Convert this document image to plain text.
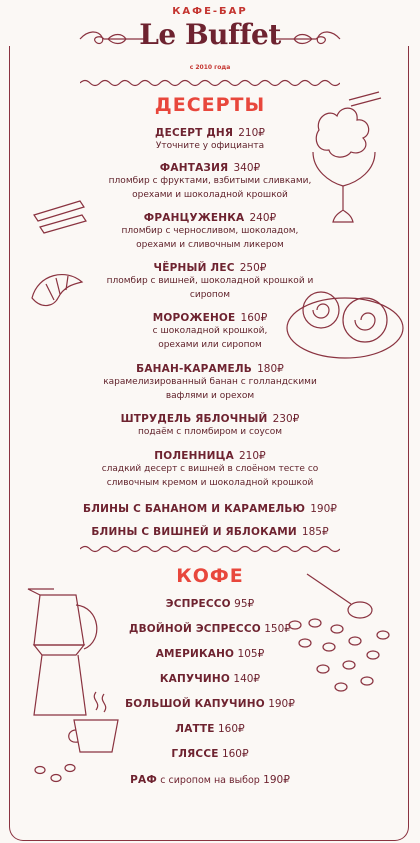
КАФЕ-БАР
Le Buffet
с 2010 года
ДЕСЕРТЫ
ДЕСЕРТ ДНЯ 210₽
Уточните у официанта
ФАНТАЗИЯ 340₽
пломбир с фруктами, взбитыми сливками, орехами и шоколадной крошкой
ФРАНЦУЖЕНКА 240₽
пломбир с черносливом, шоколадом, орехами и сливочным ликером
ЧЁРНЫЙ ЛЕС 250₽
пломбир с вишней, шоколадной крошкой и сиропом
МОРОЖЕНОЕ 160₽
с шоколадной крошкой, орехами или сиропом
БАНАН-КАРАМЕЛЬ 180₽
карамелизированный банан с голландскими вафлями и орехом
ШТРУДЕЛЬ ЯБЛОЧНЫЙ 230₽
подаём с пломбиром и соусом
ПОЛЕННИЦА 210₽
сладкий десерт с вишней в слоёном тесте со сливочным кремом и шоколадной крошкой
БЛИНЫ С БАНАНОМ И КАРАМЕЛЬЮ 190₽
БЛИНЫ С ВИШНЕЙ И ЯБЛОКАМИ 185₽
КОФЕ
ЭСПРЕССО 95₽
ДВОЙНОЙ ЭСПРЕССО 150₽
АМЕРИКАНО 105₽
КАПУЧИНО 140₽
БОЛЬШОЙ КАПУЧИНО 190₽
ЛАТТЕ 160₽
ГЛЯССЕ 160₽
РАФ с сиропом на выбор 190₽
